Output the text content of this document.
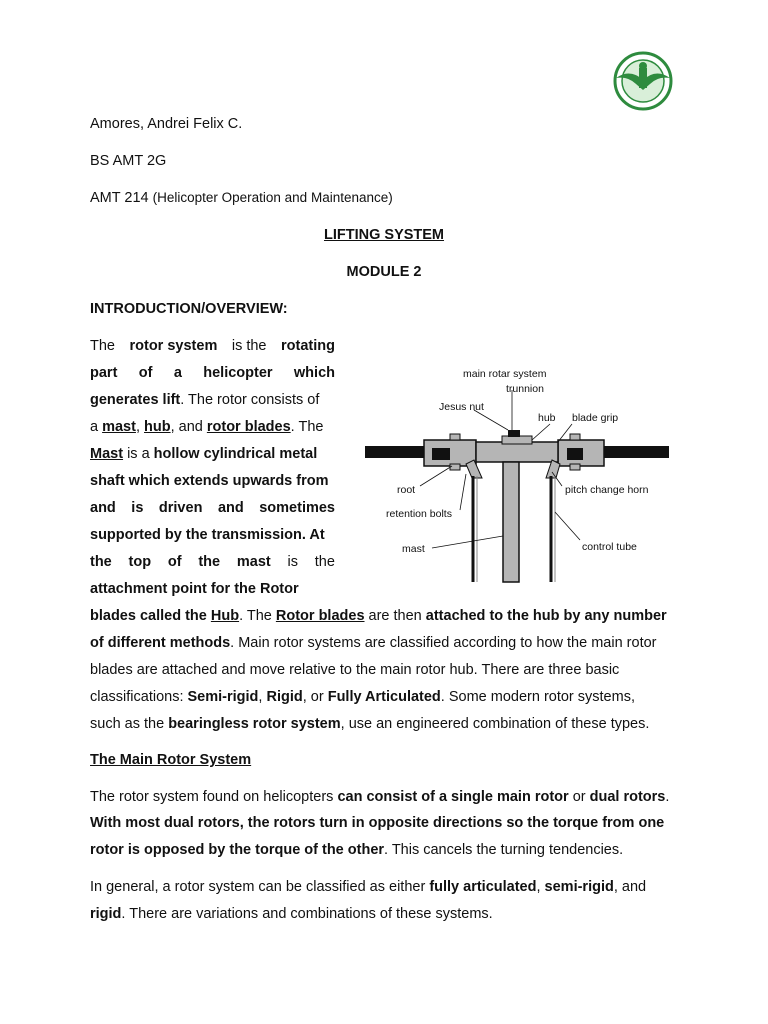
Amores, Andrei Felix C.
BS AMT 2G
AMT 214 (Helicopter Operation and Maintenance)
LIFTING SYSTEM
MODULE 2
INTRODUCTION/OVERVIEW:
The rotor system is the rotating
part of a helicopter which
generates lift. The rotor consists of
a mast, hub, and rotor blades. The
Mast is a hollow cylindrical metal
shaft which extends upwards from
and is driven and sometimes
supported by the transmission. At
the top of the mast is the
attachment point for the Rotor
blades called the Hub. The Rotor blades are then attached to the hub by any number
of different methods. Main rotor systems are classified according to how the main rotor
blades are attached and move relative to the main rotor hub. There are three basic
classifications: Semi-rigid, Rigid, or Fully Articulated. Some modern rotor systems,
such as the bearingless rotor system, use an engineered combination of these types.
The Main Rotor System
The rotor system found on helicopters can consist of a single main rotor or dual rotors.
With most dual rotors, the rotors turn in opposite directions so the torque from one
rotor is opposed by the torque of the other. This cancels the turning tendencies.
In general, a rotor system can be classified as either fully articulated, semi-rigid, and
rigid. There are variations and combinations of these systems.
main rotar system
trunnion
Jesus nut
hub blade grip
root	pitch change horn
retention bolts
mast	control tube
